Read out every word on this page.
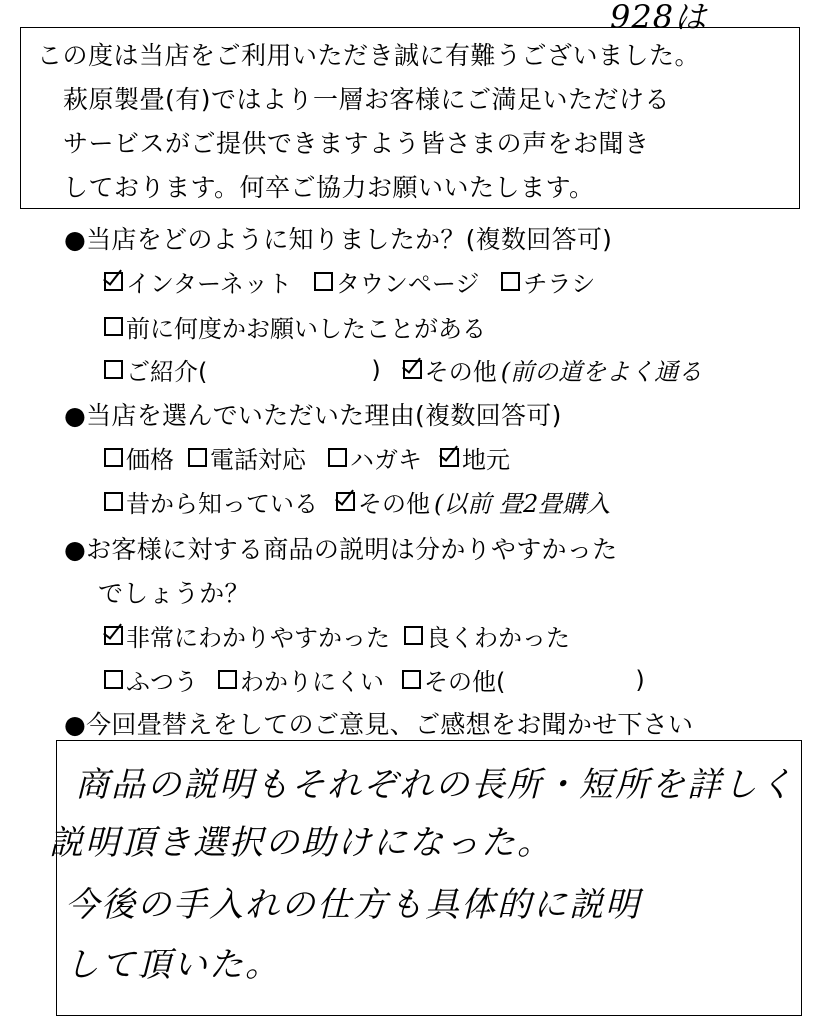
928は
この度は当店をご利用いただき誠に有難うございました。
萩原製畳(有)ではより一層お客様にご満足いただける
サービスがご提供できますよう皆さまの声をお聞き
しております。何卒ご協力お願いいたします。
●当店をどのように知りましたか？(複数回答可)
インターネット タウンページ チラシ
前に何度かお願いしたことがある
ご紹介(	) その他 (前の道をよく通る
●当店を選んでいただいた理由(複数回答可)
価格 電話対応 ハガキ 地元
昔から知っている その他 (以前 畳2畳購入
●お客様に対する商品の説明は分かりやすかった
でしょうか？
非常にわかりやすかった 良くわかった
ふつう わかりにくい その他(	)
●今回畳替えをしてのご意見、ご感想をお聞かせ下さい
商品の説明もそれぞれの長所・短所を詳しく
説明頂き選択の助けになった。
今後の手入れの仕方も具体的に説明
して頂いた。
